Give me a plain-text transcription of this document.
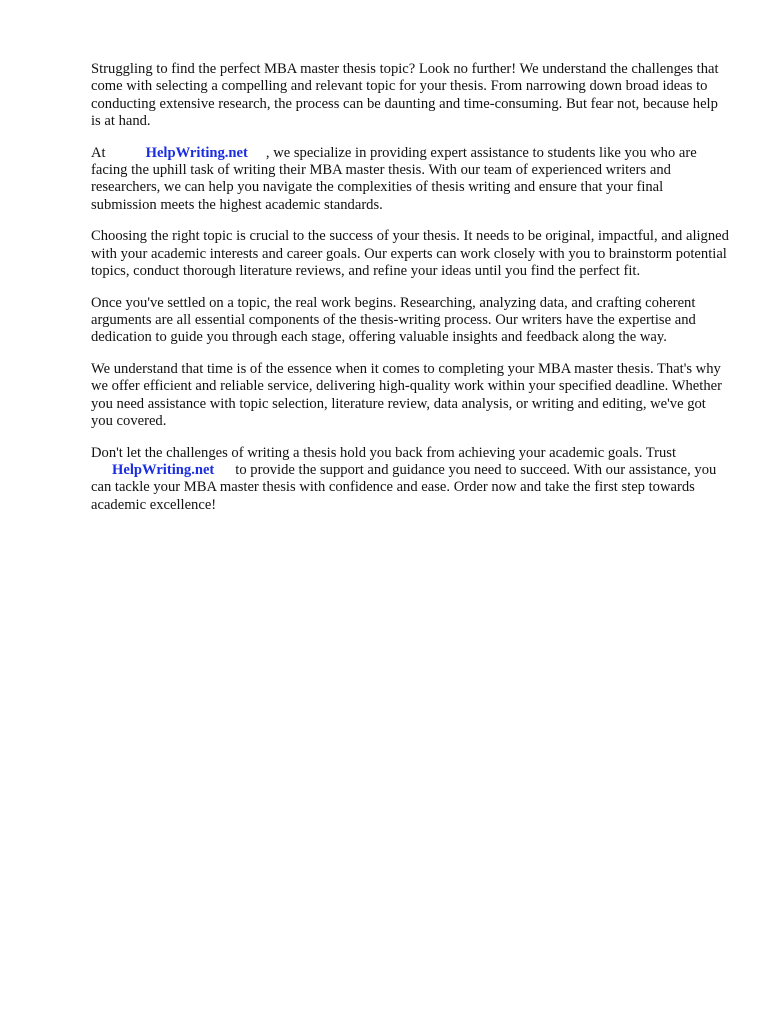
Struggling to find the perfect MBA master thesis topic? Look no further! We understand the challenges that come with selecting a compelling and relevant topic for your thesis. From narrowing down broad ideas to conducting extensive research, the process can be daunting and time-consuming. But fear not, because help is at hand.

At	HelpWriting.net , we specialize in providing expert assistance to students like you who are facing the uphill task of writing their MBA master thesis. With our team of experienced writers and researchers, we can help you navigate the complexities of thesis writing and ensure that your final submission meets the highest academic standards.

Choosing the right topic is crucial to the success of your thesis. It needs to be original, impactful, and aligned with your academic interests and career goals. Our experts can work closely with you to brainstorm potential topics, conduct thorough literature reviews, and refine your ideas until you find the perfect fit.

Once you've settled on a topic, the real work begins. Researching, analyzing data, and crafting coherent arguments are all essential components of the thesis-writing process. Our writers have the expertise and dedication to guide you through each stage, offering valuable insights and feedback along the way.

We understand that time is of the essence when it comes to completing your MBA master thesis. That's why we offer efficient and reliable service, delivering high-quality work within your specified deadline. Whether you need assistance with topic selection, literature review, data analysis, or writing and editing, we've got you covered.

Don't let the challenges of writing a thesis hold you back from achieving your academic goals. Trust
HelpWriting.net to provide the support and guidance you need to succeed. With our assistance, you can tackle your MBA master thesis with confidence and ease. Order now and take the first step towards academic excellence!
